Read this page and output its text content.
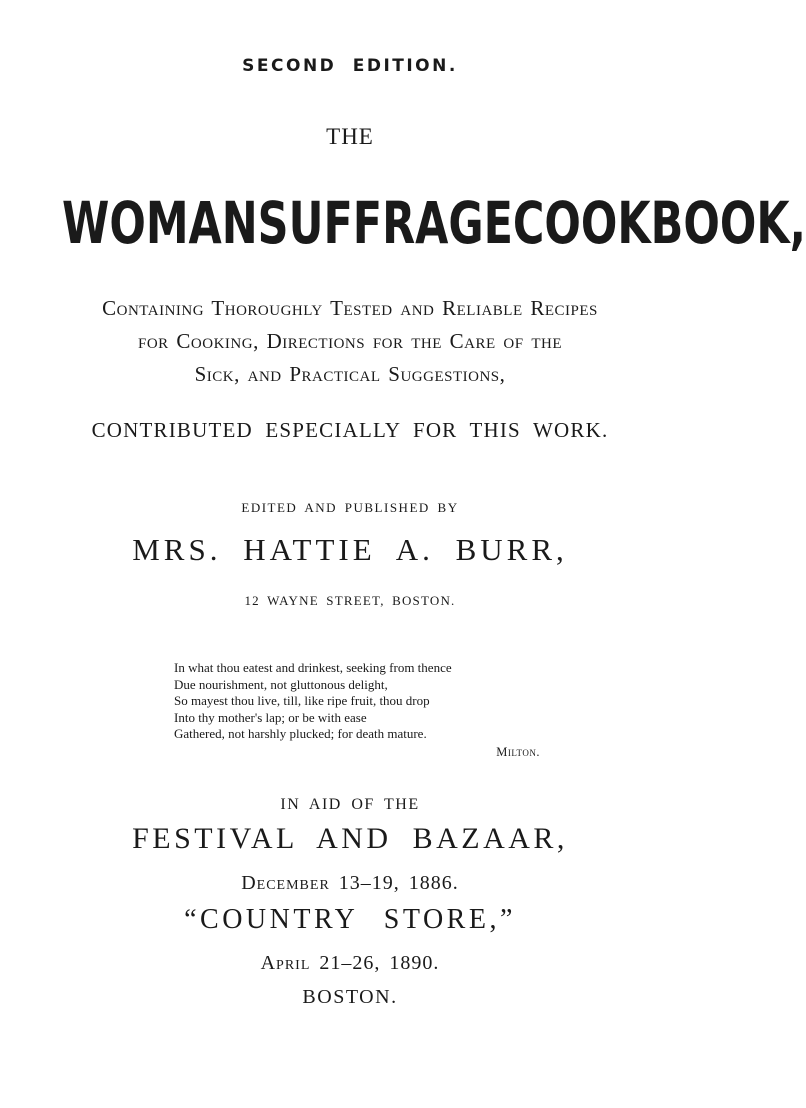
SECOND EDITION.
THE
WOMAN SUFFRAGE COOK BOOK,
Containing Thoroughly Tested and Reliable Recipes
for Cooking, Directions for the Care of the
Sick, and Practical Suggestions,
CONTRIBUTED ESPECIALLY FOR THIS WORK.
EDITED AND PUBLISHED BY
MRS. HATTIE A. BURR,
12 WAYNE STREET, BOSTON.
In what thou eatest and drinkest, seeking from thence
Due nourishment, not gluttonous delight,
So mayest thou live, till, like ripe fruit, thou drop
Into thy mother's lap; or be with ease
Gathered, not harshly plucked; for death mature.
Milton.
IN AID OF THE
FESTIVAL AND BAZAAR,
December 13–19, 1886.
“COUNTRY STORE,”
April 21–26, 1890.
BOSTON.
